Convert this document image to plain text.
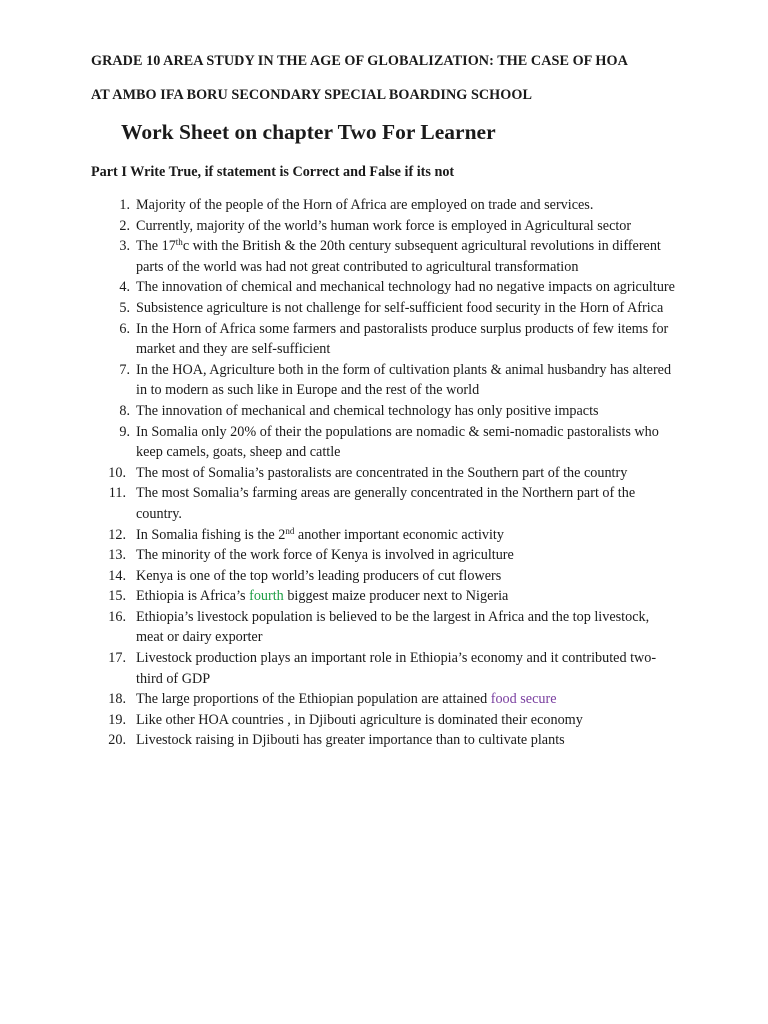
GRADE 10 AREA STUDY IN THE AGE OF GLOBALIZATION: THE CASE OF HOA
AT AMBO IFA BORU SECONDARY SPECIAL BOARDING SCHOOL
Work Sheet on chapter Two For Learner
Part I Write True, if statement is Correct and False if its not
1. Majority of the people of the Horn of Africa are employed on trade and services.
2. Currently, majority of the world’s human work force is employed in Agricultural sector
3. The 17thc with the British & the 20th century subsequent agricultural revolutions in different parts of the world was had not great contributed to agricultural transformation
4. The innovation of chemical and mechanical technology had no negative impacts on agriculture
5. Subsistence agriculture is not challenge for self-sufficient food security in the Horn of Africa
6. In the Horn of Africa some farmers and pastoralists produce surplus products of few items for market and they are self-sufficient
7. In the HOA, Agriculture both in the form of cultivation plants & animal husbandry has altered in to modern as such like in Europe and the rest of the world
8. The innovation of mechanical and chemical technology has only positive impacts
9. In Somalia only 20% of their the populations are nomadic & semi-nomadic pastoralists who keep camels, goats, sheep and cattle
10. The most of Somalia’s pastoralists are concentrated in the Southern part of the country
11. The most Somalia’s farming areas are generally concentrated in the Northern part of the country.
12. In Somalia fishing is the 2nd another important economic activity
13. The minority of the work force of Kenya is involved in agriculture
14. Kenya is one of the top world’s leading producers of cut flowers
15. Ethiopia is Africa’s fourth biggest maize producer next to Nigeria
16. Ethiopia’s livestock population is believed to be the largest in Africa and the top livestock, meat or dairy exporter
17. Livestock production plays an important role in Ethiopia’s economy and it contributed two-third of GDP
18. The large proportions of the Ethiopian population are attained food secure
19. Like other HOA countries , in Djibouti agriculture is dominated their economy
20. Livestock raising in Djibouti has greater importance than to cultivate plants
